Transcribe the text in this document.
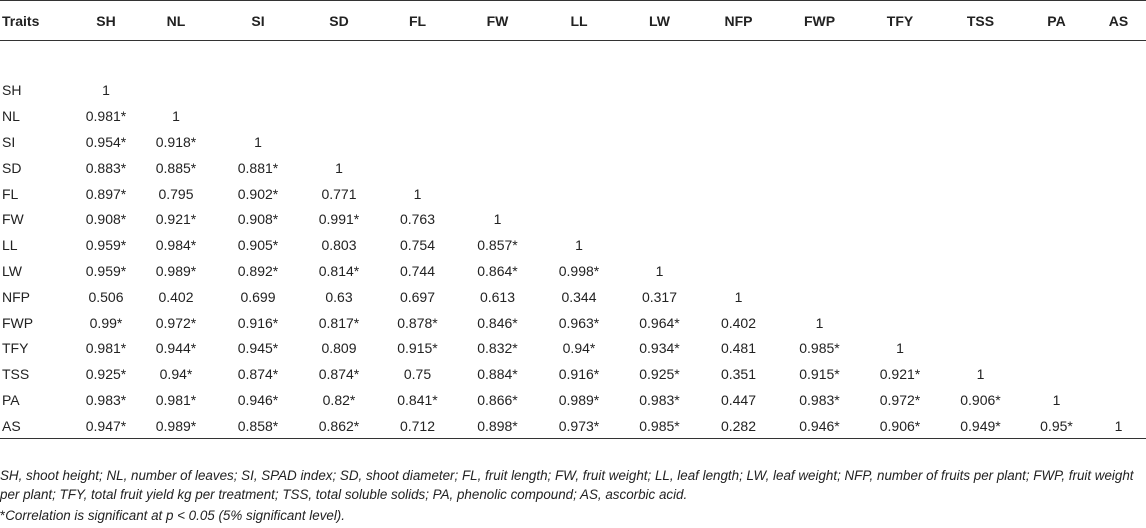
Traits	SH	NL	SI	SD	FL	FW	LL	LW	NFP	FWP	TFY	TSS	PA	AS

SH	1													
NL	0.981*	1												
SI	0.954*	0.918*	1											
SD	0.883*	0.885*	0.881*	1										
FL	0.897*	0.795	0.902*	0.771	1									
FW	0.908*	0.921*	0.908*	0.991*	0.763	1								
LL	0.959*	0.984*	0.905*	0.803	0.754	0.857*	1							
LW	0.959*	0.989*	0.892*	0.814*	0.744	0.864*	0.998*	1						
NFP	0.506	0.402	0.699	0.63	0.697	0.613	0.344	0.317	1					
FWP	0.99*	0.972*	0.916*	0.817*	0.878*	0.846*	0.963*	0.964*	0.402	1				
TFY	0.981*	0.944*	0.945*	0.809	0.915*	0.832*	0.94*	0.934*	0.481	0.985*	1			
TSS	0.925*	0.94*	0.874*	0.874*	0.75	0.884*	0.916*	0.925*	0.351	0.915*	0.921*	1		
PA	0.983*	0.981*	0.946*	0.82*	0.841*	0.866*	0.989*	0.983*	0.447	0.983*	0.972*	0.906*	1	
AS	0.947*	0.989*	0.858*	0.862*	0.712	0.898*	0.973*	0.985*	0.282	0.946*	0.906*	0.949*	0.95*	1
SH, shoot height; NL, number of leaves; SI, SPAD index; SD, shoot diameter; FL, fruit length; FW, fruit weight; LL, leaf length; LW, leaf weight; NFP, number of fruits per plant; FWP, fruit weight per plant; TFY, total fruit yield kg per treatment; TSS, total soluble solids; PA, phenolic compound; AS, ascorbic acid.
*Correlation is significant at p < 0.05 (5% significant level).
